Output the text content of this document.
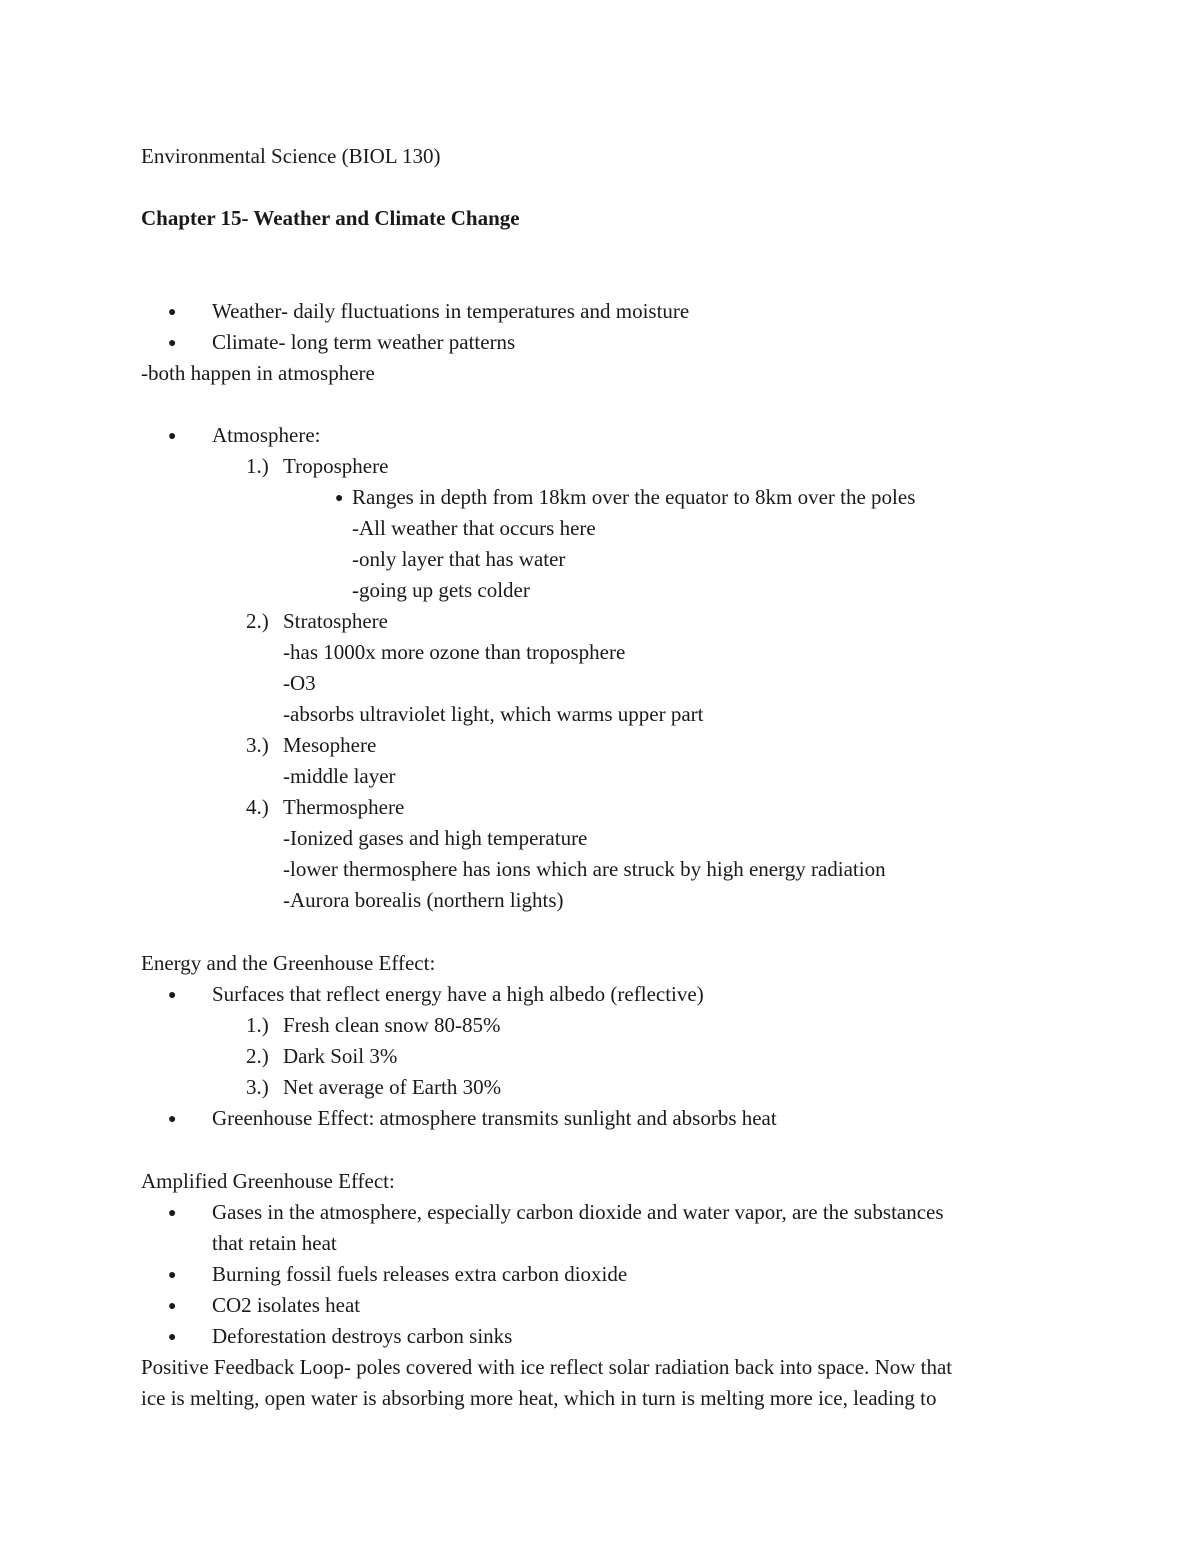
Environmental Science (BIOL 130)
Chapter 15- Weather and Climate Change
● Weather- daily fluctuations in temperatures and moisture
● Climate- long term weather patterns
-both happen in atmosphere
● Atmosphere:
1.) Troposphere
● Ranges in depth from 18km over the equator to 8km over the poles
-All weather that occurs here
-only layer that has water
-going up gets colder
2.) Stratosphere
-has 1000x more ozone than troposphere
-O3
-absorbs ultraviolet light, which warms upper part
3.) Mesophere
-middle layer
4.) Thermosphere
-Ionized gases and high temperature
-lower thermosphere has ions which are struck by high energy radiation
-Aurora borealis (northern lights)
Energy and the Greenhouse Effect:
● Surfaces that reflect energy have a high albedo (reflective)
1.) Fresh clean snow 80-85%
2.) Dark Soil 3%
3.) Net average of Earth 30%
● Greenhouse Effect: atmosphere transmits sunlight and absorbs heat
Amplified Greenhouse Effect:
● Gases in the atmosphere, especially carbon dioxide and water vapor, are the substances
that retain heat
● Burning fossil fuels releases extra carbon dioxide
● CO2 isolates heat
● Deforestation destroys carbon sinks
Positive Feedback Loop- poles covered with ice reflect solar radiation back into space. Now that
ice is melting, open water is absorbing more heat, which in turn is melting more ice, leading to
